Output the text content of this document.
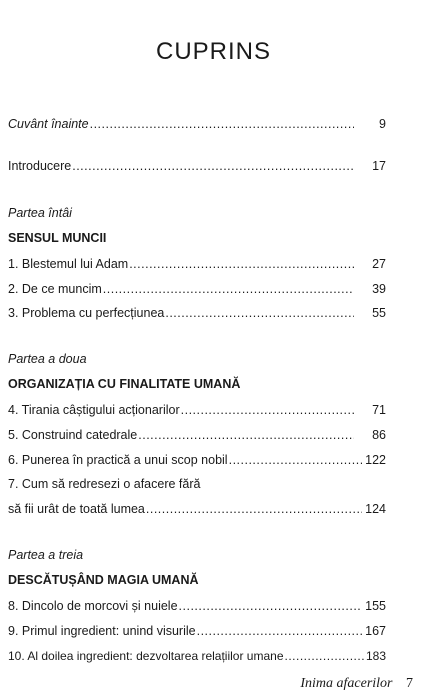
CUPRINS
Cuvânt înainte .....	9
Introducere .....	17
Partea întâi
SENSUL MUNCII
1. Blestemul lui Adam .....	27
2. De ce muncim .....	39
3. Problema cu perfecțiunea .....	55
Partea a doua
ORGANIZAȚIA CU FINALITATE UMANĂ
4. Tirania câștigului acționarilor .....	71
5. Construind catedrale .....	86
6. Punerea în practică a unui scop nobil .....	122
7. Cum să redresezi o afacere fără
să fii urât de toată lumea .....	124
Partea a treia
DESCĂTUȘÂND MAGIA UMANĂ
8. Dincolo de morcovi și nuiele .....	155
9. Primul ingredient: unind visurile .....	167
10. Al doilea ingredient: dezvoltarea relațiilor umane .....	183
Inima afacerilor 7
